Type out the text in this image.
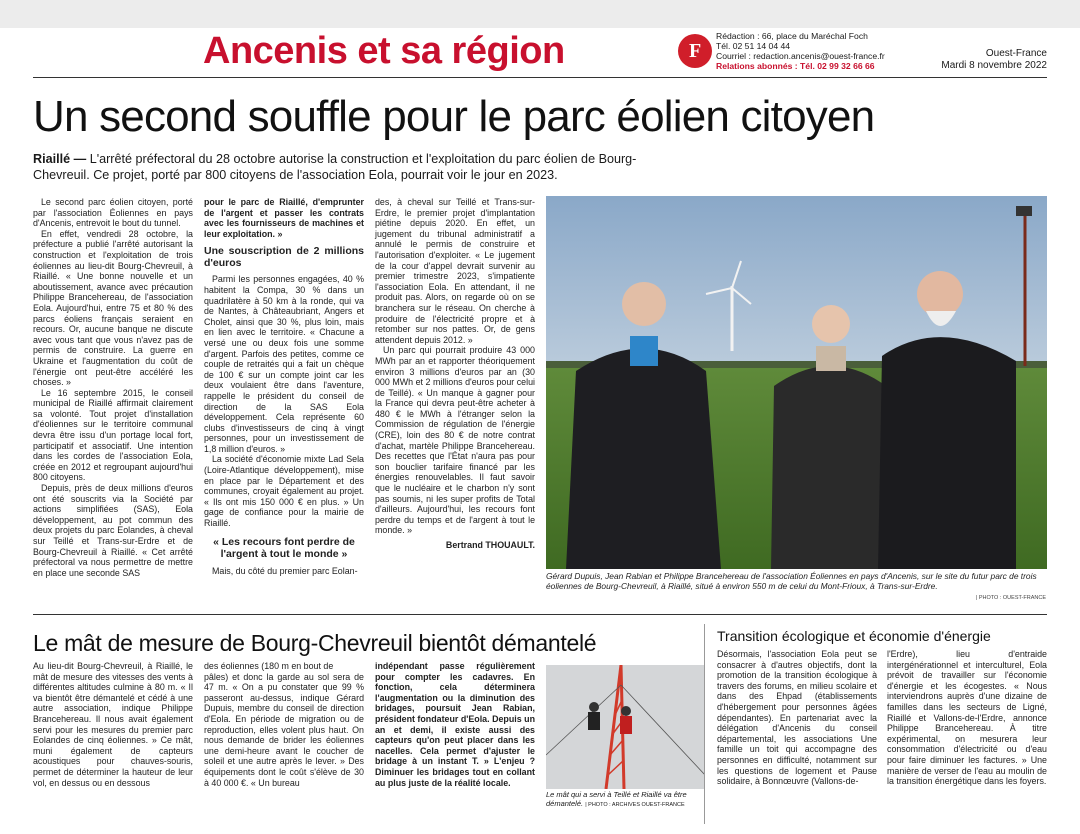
Ancenis et sa région	F
Rédaction : 66, place du Maréchal Foch
Tél. 02 51 14 04 44
Courriel : redaction.ancenis@ouest-france.fr
Relations abonnés : Tél. 02 99 32 66 66
Ouest-France
Mardi 8 novembre 2022
Un second souffle pour le parc éolien citoyen
Riaillé — L'arrêté préfectoral du 28 octobre autorise la construction et l'exploitation du parc éolien de Bourg-Chevreuil. Ce projet, porté par 800 citoyens de l'association Eola, pourrait voir le jour en 2023.

Le second parc éolien citoyen, porté par l'association Éoliennes en pays d'Ancenis, entrevoit le bout du tunnel.

En effet, vendredi 28 octobre, la préfecture a publié l'arrêté autorisant la construction et l'exploitation de trois éoliennes au lieu-dit Bourg-Chevreuil, à Riaillé. « Une bonne nouvelle et un aboutissement, avance avec précaution Philippe Brancehereau, de l'association Eola. Aujourd'hui, entre 75 et 80 % des parcs éoliens français seraient en recours. Or, aucune banque ne discute avec vous tant que vous n'avez pas de permis de construire. La guerre en Ukraine et l'augmentation du coût de l'énergie ont peut-être accéléré les choses. »

Le 16 septembre 2015, le conseil municipal de Riaillé affirmait clairement sa volonté. Tout projet d'installation d'éoliennes sur le territoire communal devra être issu d'un portage local fort, participatif et associatif. Une intention dans les cordes de l'association Eola, créée en 2012 et regroupant aujourd'hui 800 citoyens.

Depuis, près de deux millions d'euros ont été souscrits via la Société par actions simplifiées (SAS), Eola développement, au pot commun des deux projets du parc Eolandes, à cheval sur Teillé et Trans-sur-Erdre et de Bourg-Chevreuil à Riaillé. « Cet arrêté préfectoral va nous permettre de mettre en place une seconde SAS

pour le parc de Riaillé, d'emprunter de l'argent et passer les contrats avec les fournisseurs de machines et leur exploitation. »

Une souscription de 2 millions d'euros

Parmi les personnes engagées, 40 % habitent la Compa, 30 % dans un quadrilatère à 50 km à la ronde, qui va de Nantes, à Châteaubriant, Angers et Cholet, ainsi que 30 %, plus loin, mais en lien avec le territoire. « Chacune a versé une ou deux fois une somme d'argent. Parfois des petites, comme ce couple de retraités qui a fait un chèque de 100 € sur un compte joint car les deux voulaient être dans l'aventure, rappelle le président du conseil de direction de la SAS Eola développement. Cela représente 60 clubs d'investisseurs de cinq à vingt personnes, pour un investissement de 1,8 million d'euros. »

La société d'économie mixte Lad Sela (Loire-Atlantique développement), mise en place par le Département et des communes, croyait également au projet. « Ils ont mis 150 000 € en plus. » Un gage de confiance pour la mairie de Riaillé.

« Les recours font perdre de l'argent à tout le monde »

Mais, du côté du premier parc Eolan-

des, à cheval sur Teillé et Trans-sur-Erdre, le premier projet d'implantation piétine depuis 2020. En effet, un jugement du tribunal administratif a annulé le permis de construire et l'autorisation d'exploiter. « Le jugement de la cour d'appel devrait survenir au premier trimestre 2023, s'impatiente l'association Eola. En attendant, il ne produit pas. Alors, on regarde où on se branchera sur le réseau. On cherche à produire de l'électricité propre et à retomber sur nos pattes. Or, de gens attendent depuis 2012. »

Un parc qui pourrait produire 43 000 MWh par an et rapporter théoriquement environ 3 millions d'euros par an (30 000 MWh et 2 millions d'euros pour celui de Teillé). « Un manque à gagner pour la France qui devra peut-être acheter à 480 € le MWh à l'étranger selon la Commission de régulation de l'énergie (CRE), loin des 80 € de notre contrat d'achat, martèle Philippe Brancehereau. Des recettes que l'État n'aura pas pour son bouclier tarifaire financé par les énergies renouvelables. Il faut savoir que le nucléaire et le charbon n'y sont pas soumis, ni les super profits de Total d'ailleurs. Aujourd'hui, les recours font perdre du temps et de l'argent à tout le monde. »

Bertrand THOUAULT.
Gérard Dupuis, Jean Rabian et Philippe Brancehereau de l'association Éoliennes en pays d'Ancenis, sur le site du futur parc de trois éoliennes de Bourg-Chevreuil, à Riaillé, situé à environ 550 m de celui du Mont-Frioux, à Trans-sur-Erdre.
| PHOTO : OUEST-FRANCE
Le mât de mesure de Bourg-Chevreuil bientôt démantelé

Au lieu-dit Bourg-Chevreuil, à Riaillé, le mât de mesure des vitesses des vents à différentes altitudes culmine à 80 m. « Il va bientôt être démantelé et cédé à une autre association, indique Philippe Brancehereau. Il nous avait également servi pour les mesures du premier parc Eolandes de cinq éoliennes. » Ce mât, muni également de capteurs acoustiques pour chauves-souris, permet de déterminer la hauteur de leur vol, en dessus ou en dessous

des éoliennes (180 m en bout de

pâles) et donc la garde au sol sera de 47 m. « On a pu constater que 99 % passeront au-dessus, indique Gérard Dupuis, membre du conseil de direction d'Eola. En période de migration ou de reproduction, elles volent plus haut. On nous demande de brider les éoliennes une demi-heure avant le coucher de soleil et une autre après le lever. » Des équipements dont le coût s'élève de 30 à 40 000 €. « Un bureau

indépendant passe régulièrement pour compter les cadavres. En fonction, cela déterminera l'augmentation ou la diminution des bridages, poursuit Jean Rabian, président fondateur d'Eola. Depuis un an et demi, il existe aussi des capteurs qu'on peut placer dans les nacelles. Cela permet d'ajuster le bridage à un instant T. » L'enjeu ? Diminuer les bridages tout en collant au plus juste de la réalité locale.

Le mât qui a servi à Teillé et Riaillé va être démantelé. | PHOTO : ARCHIVES OUEST-FRANCE
Transition écologique et économie d'énergie

Désormais, l'association Eola peut se consacrer à d'autres objectifs, dont la promotion de la transition écologique à travers des forums, en milieu scolaire et dans des Ehpad (établissements d'hébergement pour personnes âgées dépendantes). En partenariat avec la délégation d'Ancenis du conseil départemental, les associations Une famille un toit qui accompagne des personnes en difficulté, notamment sur les questions de logement et Pause solidaire, à Bonnœuvre (Vallons-de-

l'Erdre), lieu d'entraide intergénérationnel et interculturel, Eola prévoit de travailler sur l'économie d'énergie et les écogestes. « Nous interviendrons auprès d'une dizaine de familles dans les secteurs de Ligné, Riaillé et Vallons-de-l'Erdre, annonce Philippe Brancehereau. À titre expérimental, on mesurera leur consommation d'électricité ou d'eau pour faire diminuer les factures. » Une manière de verser de l'eau au moulin de la transition énergétique dans les foyers.
